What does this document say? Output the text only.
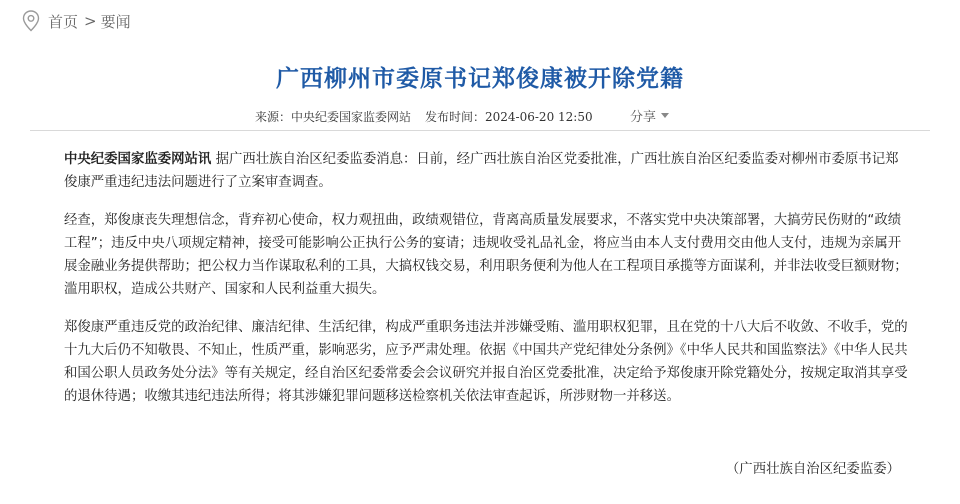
首页 > 要闻
广西柳州市委原书记郑俊康被开除党籍
来源：中央纪委国家监委网站 发布时间：2024-06-20 12:50	分享

中央纪委国家监委网站讯 据广西壮族自治区纪委监委消息：日前，经广西壮族自治区党委批准，广西壮族自治区纪委监委对柳州市委原书记郑俊康严重违纪违法问题进行了立案审查调查。

经查，郑俊康丧失理想信念，背弃初心使命，权力观扭曲，政绩观错位，背离高质量发展要求，不落实党中央决策部署，大搞劳民伤财的“政绩工程”；违反中央八项规定精神，接受可能影响公正执行公务的宴请；违规收受礼品礼金，将应当由本人支付费用交由他人支付，违规为亲属开展金融业务提供帮助；把公权力当作谋取私利的工具，大搞权钱交易，利用职务便利为他人在工程项目承揽等方面谋利，并非法收受巨额财物；滥用职权，造成公共财产、国家和人民利益重大损失。

郑俊康严重违反党的政治纪律、廉洁纪律、生活纪律，构成严重职务违法并涉嫌受贿、滥用职权犯罪，且在党的十八大后不收敛、不收手，党的十九大后仍不知敬畏、不知止，性质严重，影响恶劣，应予严肃处理。依据《中国共产党纪律处分条例》《中华人民共和国监察法》《中华人民共和国公职人员政务处分法》等有关规定，经自治区纪委常委会会议研究并报自治区党委批准，决定给予郑俊康开除党籍处分，按规定取消其享受的退休待遇；收缴其违纪违法所得；将其涉嫌犯罪问题移送检察机关依法审查起诉，所涉财物一并移送。

（广西壮族自治区纪委监委）
